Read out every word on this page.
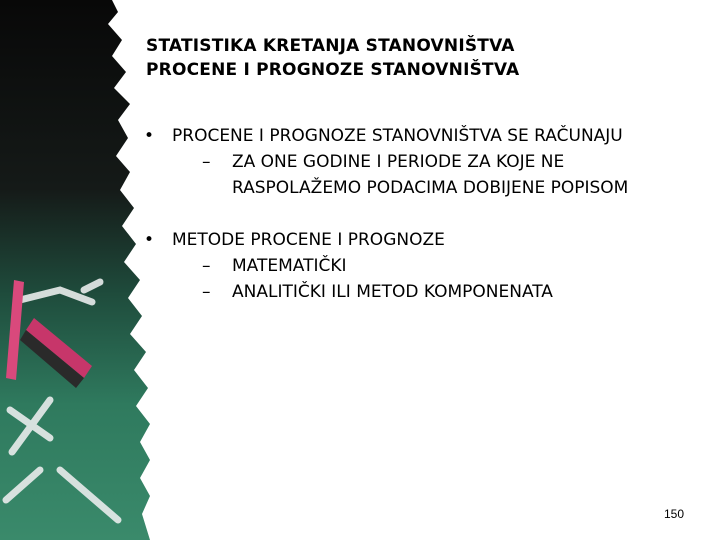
STATISTIKA KRETANJA STANOVNIŠTVA
PROCENE I PROGNOZE STANOVNIŠTVA
• PROCENE I PROGNOZE STANOVNIŠTVA SE RAČUNAJU
– ZA ONE GODINE I PERIODE ZA KOJE NE RASPOLAŽEMO PODACIMA DOBIJENE POPISOM
• METODE PROCENE I PROGNOZE
– MATEMATIČKI
– ANALITIČKI ILI METOD KOMPONENATA
150
